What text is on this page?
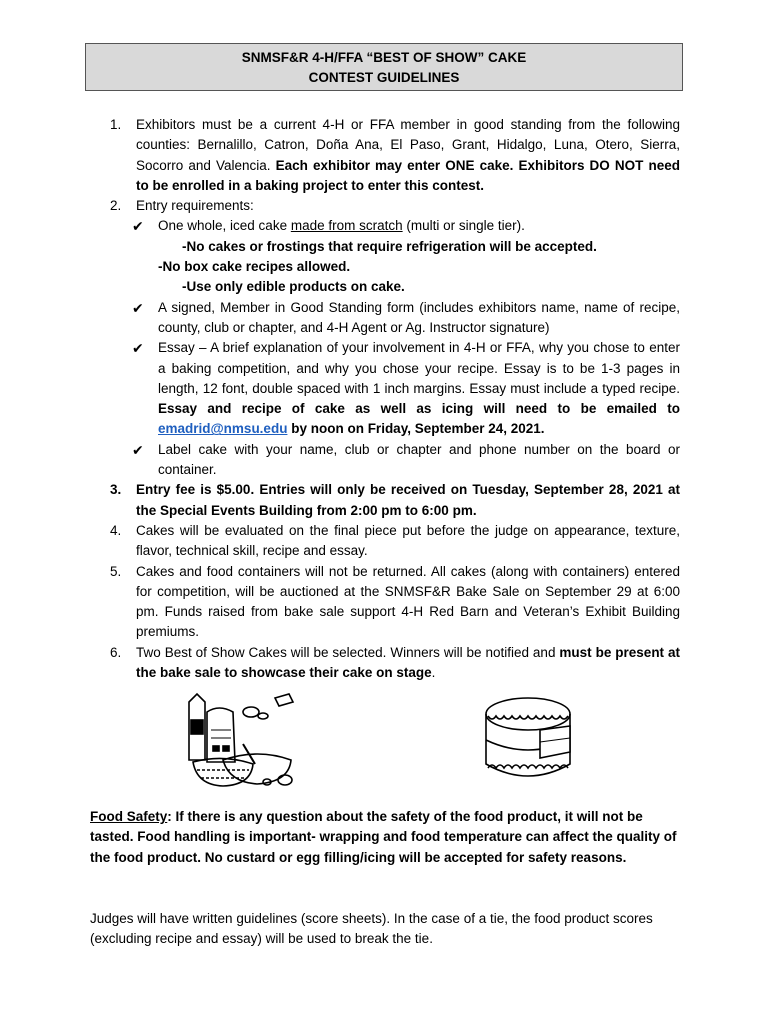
SNMSF&R 4-H/FFA “BEST OF SHOW” CAKE
CONTEST GUIDELINES
1. Exhibitors must be a current 4-H or FFA member in good standing from the following counties: Bernalillo, Catron, Doña Ana, El Paso, Grant, Hidalgo, Luna, Otero, Sierra, Socorro and Valencia. Each exhibitor may enter ONE cake. Exhibitors DO NOT need to be enrolled in a baking project to enter this contest.
2. Entry requirements:
✔ One whole, iced cake made from scratch (multi or single tier).
-No cakes or frostings that require refrigeration will be accepted.
-No box cake recipes allowed.
-Use only edible products on cake.
✔ A signed, Member in Good Standing form (includes exhibitors name, name of recipe, county, club or chapter, and 4-H Agent or Ag. Instructor signature)
✔ Essay – A brief explanation of your involvement in 4-H or FFA, why you chose to enter a baking competition, and why you chose your recipe. Essay is to be 1-3 pages in length, 12 font, double spaced with 1 inch margins. Essay must include a typed recipe. Essay and recipe of cake as well as icing will need to be emailed to emadrid@nmsu.edu by noon on Friday, September 24, 2021.
✔ Label cake with your name, club or chapter and phone number on the board or container.
3. Entry fee is $5.00. Entries will only be received on Tuesday, September 28, 2021 at the Special Events Building from 2:00 pm to 6:00 pm.
4. Cakes will be evaluated on the final piece put before the judge on appearance, texture, flavor, technical skill, recipe and essay.
5. Cakes and food containers will not be returned. All cakes (along with containers) entered for competition, will be auctioned at the SNMSF&R Bake Sale on September 29 at 6:00 pm. Funds raised from bake sale support 4-H Red Barn and Veteran’s Exhibit Building premiums.
6. Two Best of Show Cakes will be selected. Winners will be notified and must be present at the bake sale to showcase their cake on stage.
Food Safety: If there is any question about the safety of the food product, it will not be tasted. Food handling is important- wrapping and food temperature can affect the quality of the food product. No custard or egg filling/icing will be accepted for safety reasons.
Judges will have written guidelines (score sheets). In the case of a tie, the food product scores (excluding recipe and essay) will be used to break the tie.
